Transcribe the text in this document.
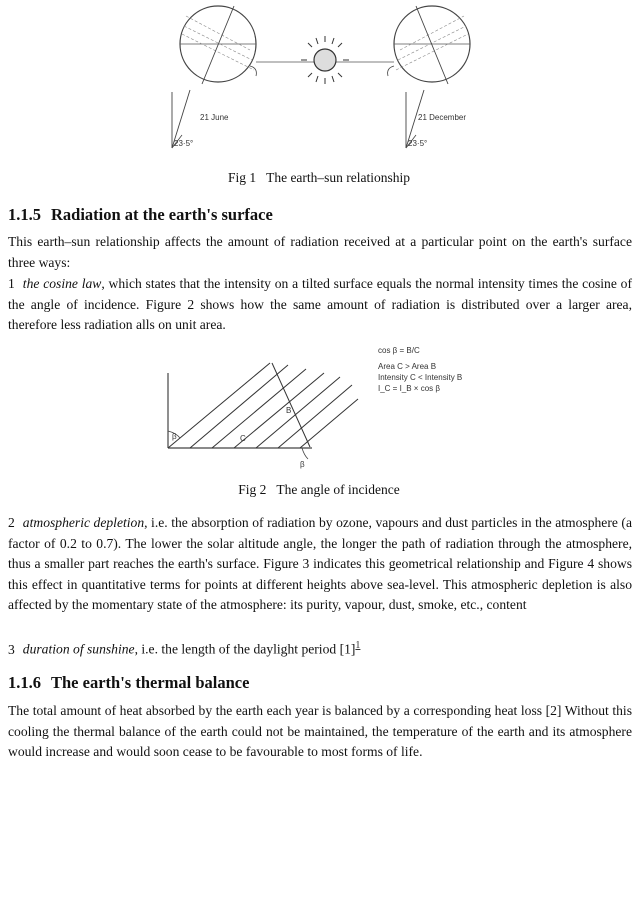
21 June	21 December
23·5°	23·5°
Fig 1 The earth–sun relationship
1.1.5 Radiation at the earth's surface

This earth–sun relationship affects the amount of radiation received at a particular point on the earth's surface three ways:

1 the cosine law, which states that the intensity on a tilted surface equals the normal intensity times the cosine of the angle of incidence. Figure 2 shows how the same amount of radiation is distributed over a larger area, therefore less radiation alls on unit area.

B
C
β
β
cos β = B/C
Area C > Area B
Intensity C < Intensity B
I_C = I_B × cos β
Fig 2 The angle of incidence

2 atmospheric depletion, i.e. the absorption of radiation by ozone, vapours and dust particles in the atmosphere (a factor of 0.2 to 0.7). The lower the solar altitude angle, the longer the path of radiation through the atmosphere, thus a smaller part reaches the earth's surface. Figure 3 indicates this geometrical relationship and Figure 4 shows this effect in quantitative terms for points at different heights above sea-level. This atmospheric depletion is also affected by the momentary state of the atmosphere: its purity, vapour, dust, smoke, etc., content

3 duration of sunshine, i.e. the length of the daylight period [1]$^1$

1.1.6 The earth's thermal balance

The total amount of heat absorbed by the earth each year is balanced by a corresponding heat loss [2] Without this cooling the thermal balance of the earth could not be maintained, the temperature of the earth and its atmosphere would increase and would soon cease to be favourable to most forms of life.
